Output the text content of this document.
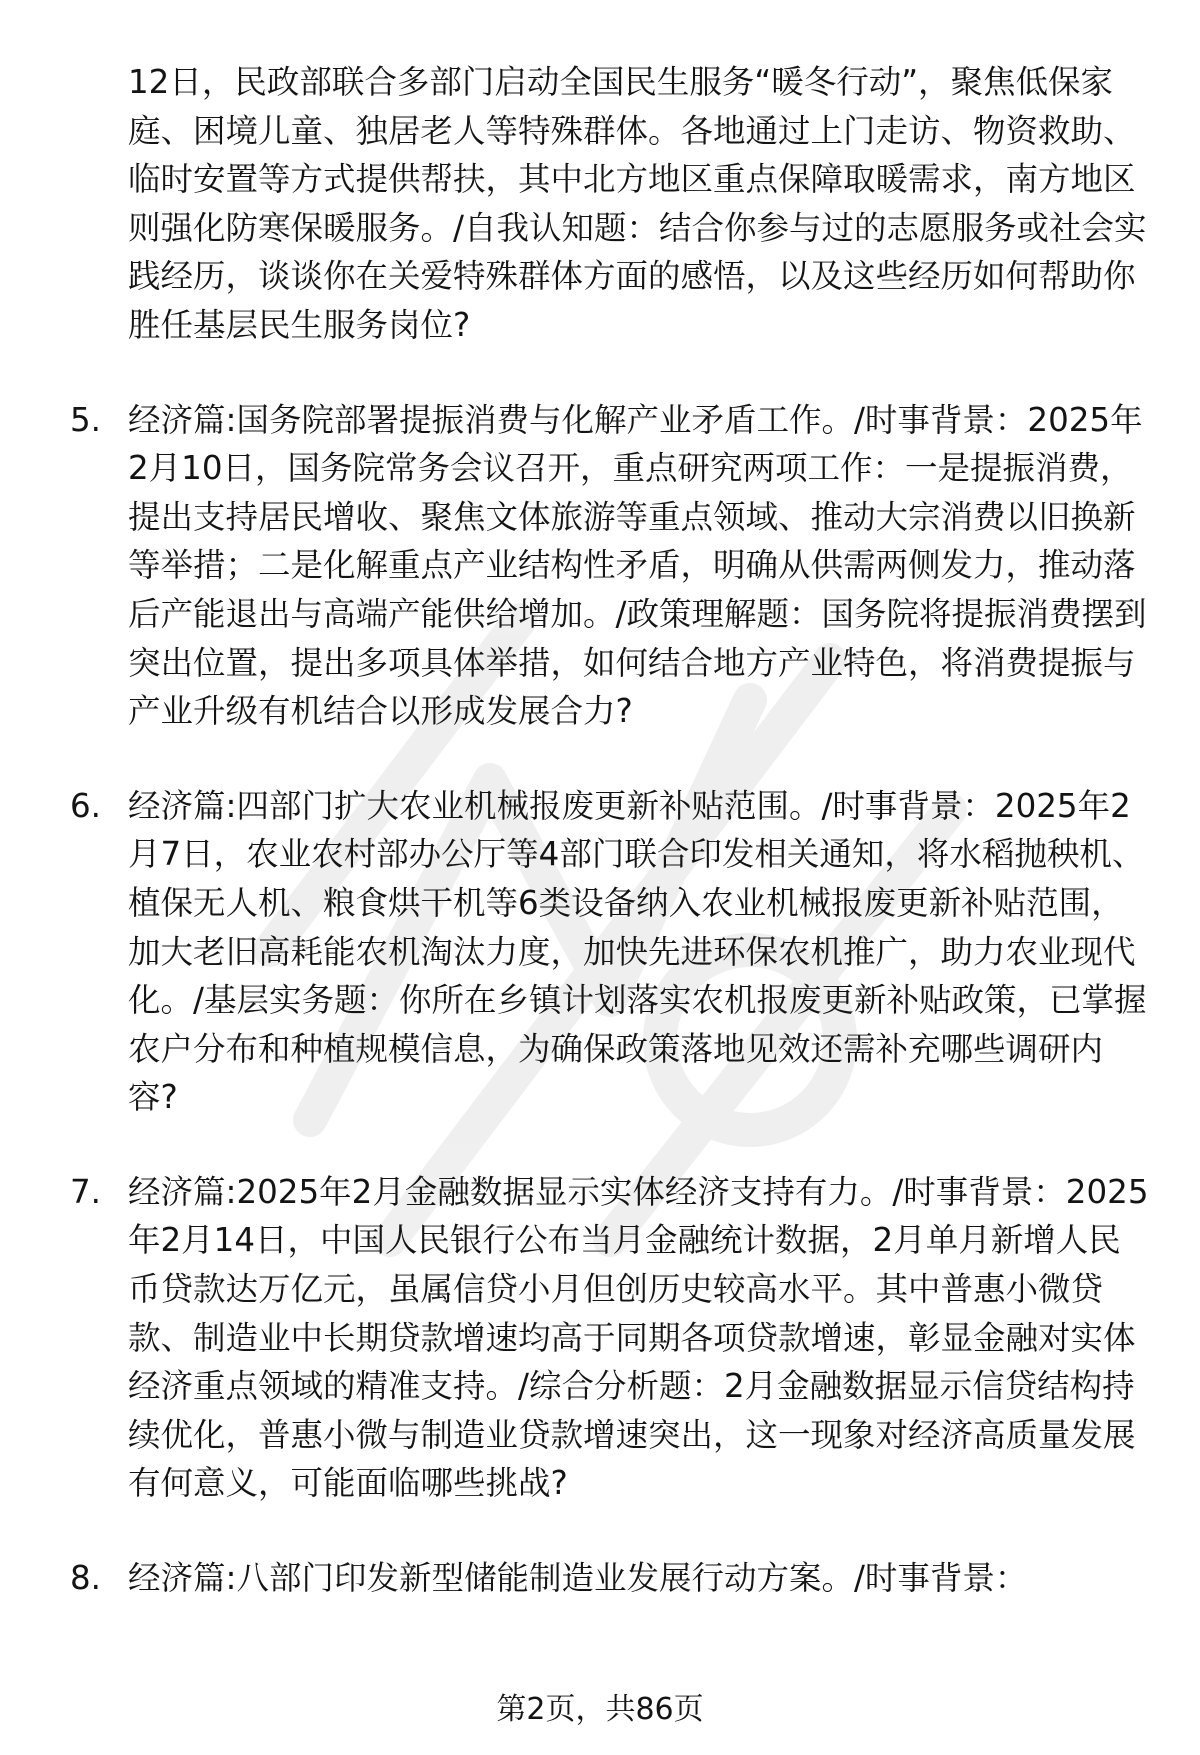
12日，民政部联合多部门启动全国民生服务“暖冬行动”，聚焦低保家庭、困境儿童、独居老人等特殊群体。各地通过上门走访、物资救助、临时安置等方式提供帮扶，其中北方地区重点保障取暖需求，南方地区则强化防寒保暖服务。/自我认知题：结合你参与过的志愿服务或社会实践经历，谈谈你在关爱特殊群体方面的感悟，以及这些经历如何帮助你胜任基层民生服务岗位?

5. 经济篇:国务院部署提振消费与化解产业矛盾工作。/时事背景：2025年2月10日，国务院常务会议召开，重点研究两项工作：一是提振消费，提出支持居民增收、聚焦文体旅游等重点领域、推动大宗消费以旧换新等举措；二是化解重点产业结构性矛盾，明确从供需两侧发力，推动落后产能退出与高端产能供给增加。/政策理解题：国务院将提振消费摆到突出位置，提出多项具体举措，如何结合地方产业特色，将消费提振与产业升级有机结合以形成发展合力?

6. 经济篇:四部门扩大农业机械报废更新补贴范围。/时事背景：2025年2月7日，农业农村部办公厅等4部门联合印发相关通知，将水稻抛秧机、植保无人机、粮食烘干机等6类设备纳入农业机械报废更新补贴范围，加大老旧高耗能农机淘汰力度，加快先进环保农机推广，助力农业现代化。/基层实务题：你所在乡镇计划落实农机报废更新补贴政策，已掌握农户分布和种植规模信息，为确保政策落地见效还需补充哪些调研内容?

7. 经济篇:2025年2月金融数据显示实体经济支持有力。/时事背景：2025年2月14日，中国人民银行公布当月金融统计数据，2月单月新增人民币贷款达万亿元，虽属信贷小月但创历史较高水平。其中普惠小微贷款、制造业中长期贷款增速均高于同期各项贷款增速，彰显金融对实体经济重点领域的精准支持。/综合分析题：2月金融数据显示信贷结构持续优化，普惠小微与制造业贷款增速突出，这一现象对经济高质量发展有何意义，可能面临哪些挑战?

8. 经济篇:八部门印发新型储能制造业发展行动方案。/时事背景：

第2页，共86页
